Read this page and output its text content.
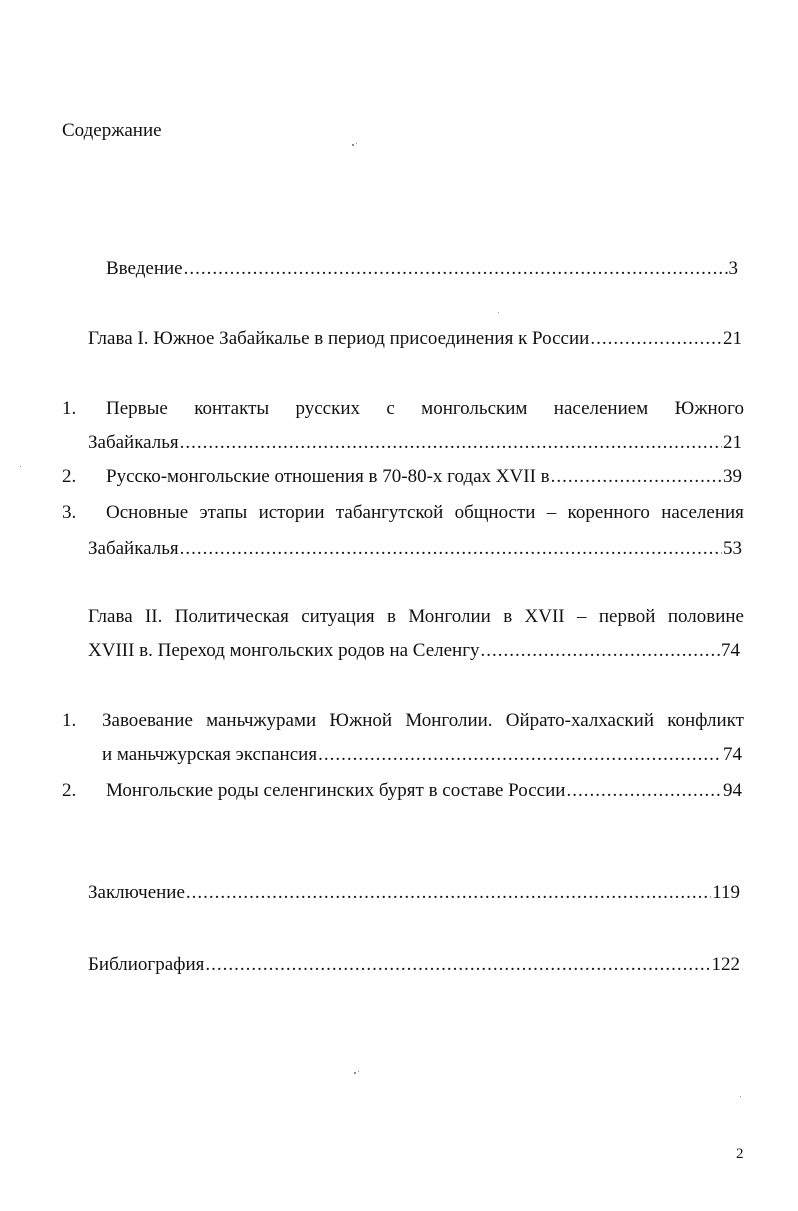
Содержание
Введение .....	3
Глава I. Южное Забайкалье в период присоединения к России .....	21
1. Первые контакты русских с монгольским населением Южного
Забайкалья .....	21
2. Русско-монгольские отношения в 70-80-х годах XVII в .....	39
3. Основные этапы истории табангутской общности – коренного населения
Забайкалья .....	53
Глава II. Политическая ситуация в Монголии в XVII – первой половине
XVIII в. Переход монгольских родов на Селенгу .....	74
1. Завоевание маньчжурами Южной Монголии. Ойрато-халхаский конфликт
и маньчжурская экспансия .....	74
2. Монгольские роды селенгинских бурят в составе России .....	94
Заключение .....	119
Библиография .....	122
2
